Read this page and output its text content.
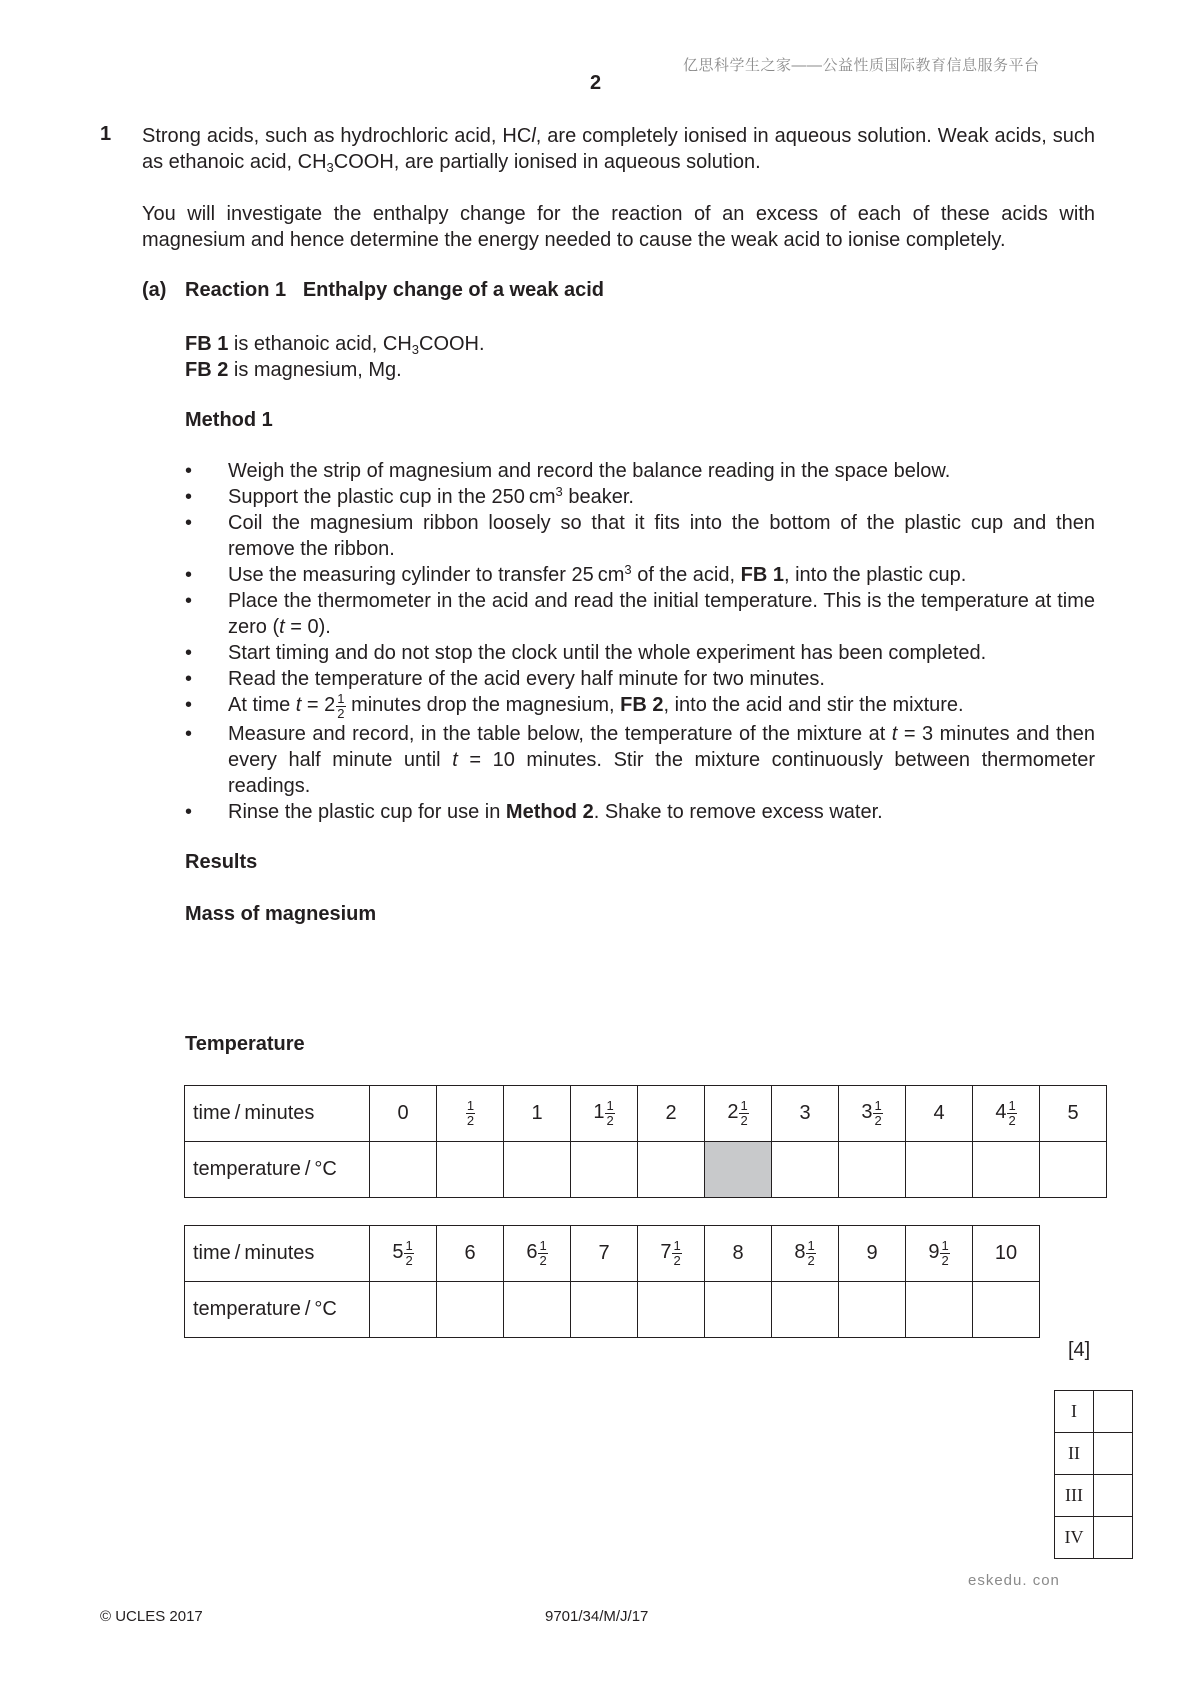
亿思科学生之家——公益性质国际教育信息服务平台
2
1 Strong acids, such as hydrochloric acid, HCl, are completely ionised in aqueous solution. Weak acids, such as ethanoic acid, $CH_3COOH$, are partially ionised in aqueous solution.
You will investigate the enthalpy change for the reaction of an excess of each of these acids with magnesium and hence determine the energy needed to cause the weak acid to ionise completely.
(a) Reaction 1   Enthalpy change of a weak acid
FB 1 is ethanoic acid, $CH_3COOH$.
FB 2 is magnesium, Mg.
Method 1
• Weigh the strip of magnesium and record the balance reading in the space below.
• Support the plastic cup in the 250 $cm^3$ beaker.
• Coil the magnesium ribbon loosely so that it fits into the bottom of the plastic cup and then remove the ribbon.
• Use the measuring cylinder to transfer 25 $cm^3$ of the acid, FB 1, into the plastic cup.
• Place the thermometer in the acid and read the initial temperature. This is the temperature at time zero (t = 0).
• Start timing and do not stop the clock until the whole experiment has been completed.
• Read the temperature of the acid every half minute for two minutes.
• At time $t = 2 \frac{1}{2}$ minutes drop the magnesium, FB 2, into the acid and stir the mixture.
• Measure and record, in the table below, the temperature of the mixture at t = 3 minutes and then every half minute until t = 10 minutes. Stir the mixture continuously between thermometer readings.
• Rinse the plastic cup for use in Method 2. Shake to remove excess water.
Results
Mass of magnesium
Temperature
time / minutes	0	$\frac{1}{2}$	1	$1 \frac{1}{2}$	2	$2 \frac{1}{2}$	3	$3 \frac{1}{2}$	4	$4 \frac{1}{2}$	5
temperature / °C											
time / minutes	$5 \frac{1}{2}$	6	$6 \frac{1}{2}$	7	$7 \frac{1}{2}$	8	$8 \frac{1}{2}$	9	$9 \frac{1}{2}$	10
temperature / °C										
[4]
I	
II	
III	
IV	
eskedu. con
© UCLES 2017	9701/34/M/J/17
